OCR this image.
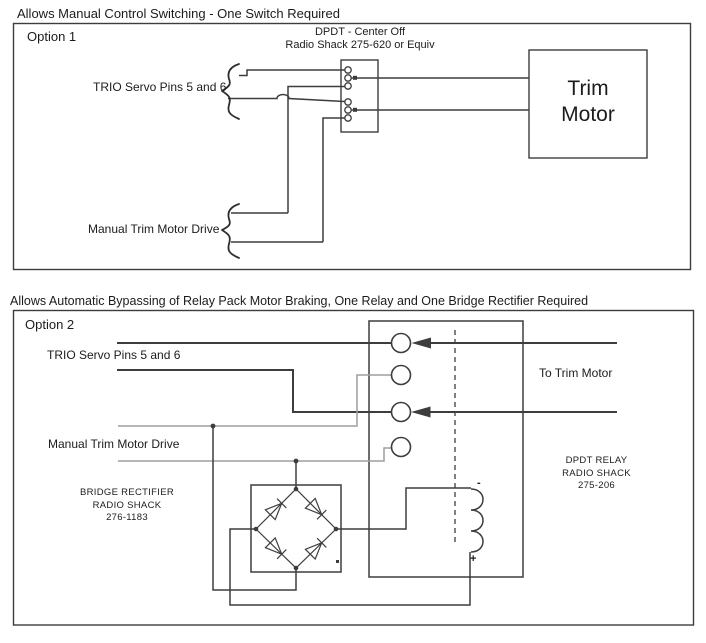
Allows Manual Control Switching - One Switch Required
Option 1	DPDT - Center Off
Radio Shack 275-620 or Equiv
TRIO Servo Pins 5 and 6
Manual Trim Motor Drive
Trim Motor
Allows Automatic Bypassing of Relay Pack Motor Braking, One Relay and One Bridge Rectifier Required
Option 2
TRIO Servo Pins 5 and 6
Manual Trim Motor Drive
To Trim Motor
BRIDGE RECTIFIER
RADIO SHACK
276-1183
DPDT RELAY
RADIO SHACK
275-206
-
+
